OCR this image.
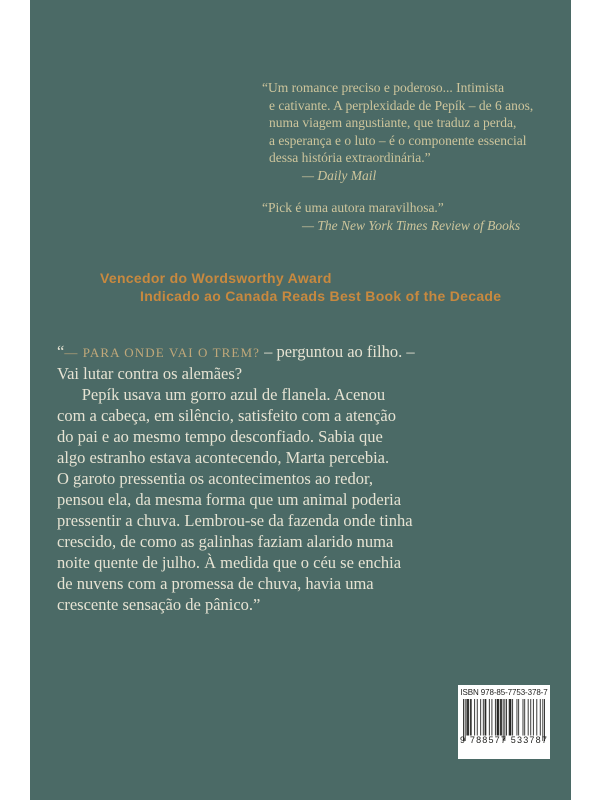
“Um romance preciso e poderoso... Intimista
e cativante. A perplexidade de Pepík – de 6 anos,
numa viagem angustiante, que traduz a perda,
a esperança e o luto – é o componente essencial
dessa história extraordinária.”
— Daily Mail
“Pick é uma autora maravilhosa.”
— The New York Times Review of Books
Vencedor do Wordsworthy Award
Indicado ao Canada Reads Best Book of the Decade
“— PARA ONDE VAI O TREM? – perguntou ao filho. –
Vai lutar contra os alemães?
Pepík usava um gorro azul de flanela. Acenou
com a cabeça, em silêncio, satisfeito com a atenção
do pai e ao mesmo tempo desconfiado. Sabia que
algo estranho estava acontecendo, Marta percebia.
O garoto pressentia os acontecimentos ao redor,
pensou ela, da mesma forma que um animal poderia
pressentir a chuva. Lembrou-se da fazenda onde tinha
crescido, de como as galinhas faziam alarido numa
noite quente de julho. À medida que o céu se enchia
de nuvens com a promessa de chuva, havia uma
crescente sensação de pânico.”
ISBN 978-85-7753-378-7
9 788577 533787
